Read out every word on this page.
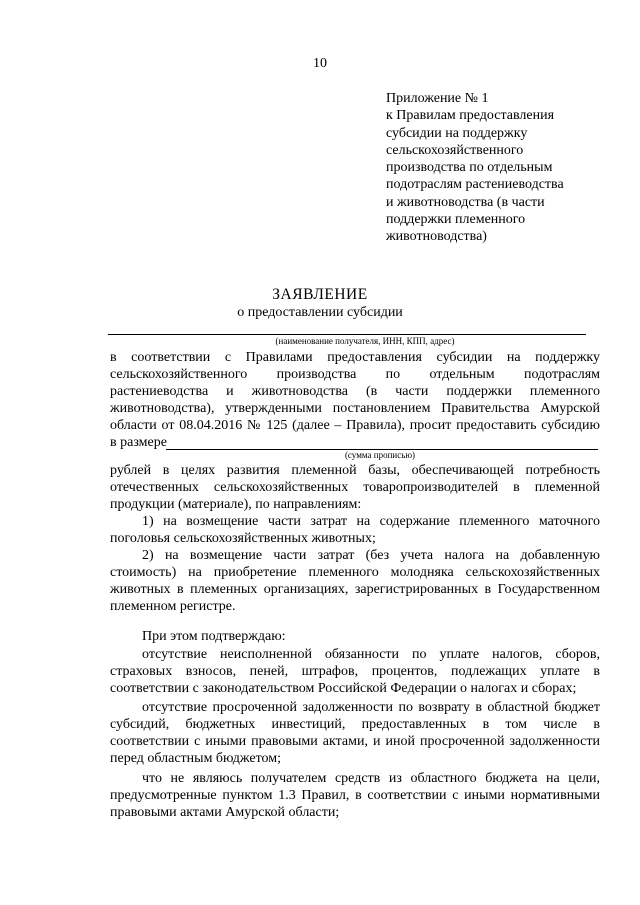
10
Приложение № 1
к Правилам предоставления
субсидии на поддержку
сельскохозяйственного
производства по отдельным
подотраслям растениеводства
и животноводства (в части
поддержки племенного
животноводства)
ЗАЯВЛЕНИЕ
о предоставлении субсидии
(наименование получателя, ИНН, КПП, адрес)
в соответствии с Правилами предоставления субсидии на поддержку
сельскохозяйственного производства по отдельным подотраслям
растениеводства и животноводства (в части поддержки племенного
животноводства), утвержденными постановлением Правительства Амурской
области от 08.04.2016 № 125 (далее – Правила), просит предоставить субсидию
в размере
(сумма прописью)
рублей в целях развития племенной базы, обеспечивающей потребность
отечественных сельскохозяйственных товаропроизводителей в племенной
продукции (материале), по направлениям:
1) на возмещение части затрат на содержание племенного маточного
поголовья сельскохозяйственных животных;
2) на возмещение части затрат (без учета налога на добавленную
стоимость) на приобретение племенного молодняка сельскохозяйственных
животных в племенных организациях, зарегистрированных в Государственном
племенном регистре.
При этом подтверждаю:
отсутствие неисполненной обязанности по уплате налогов, сборов,
страховых взносов, пеней, штрафов, процентов, подлежащих уплате в
соответствии с законодательством Российской Федерации о налогах и сборах;
отсутствие просроченной задолженности по возврату в областной бюджет
субсидий, бюджетных инвестиций, предоставленных в том числе в
соответствии с иными правовыми актами, и иной просроченной задолженности
перед областным бюджетом;
что не являюсь получателем средств из областного бюджета на цели,
предусмотренные пунктом 1.3 Правил, в соответствии с иными нормативными
правовыми актами Амурской области;
